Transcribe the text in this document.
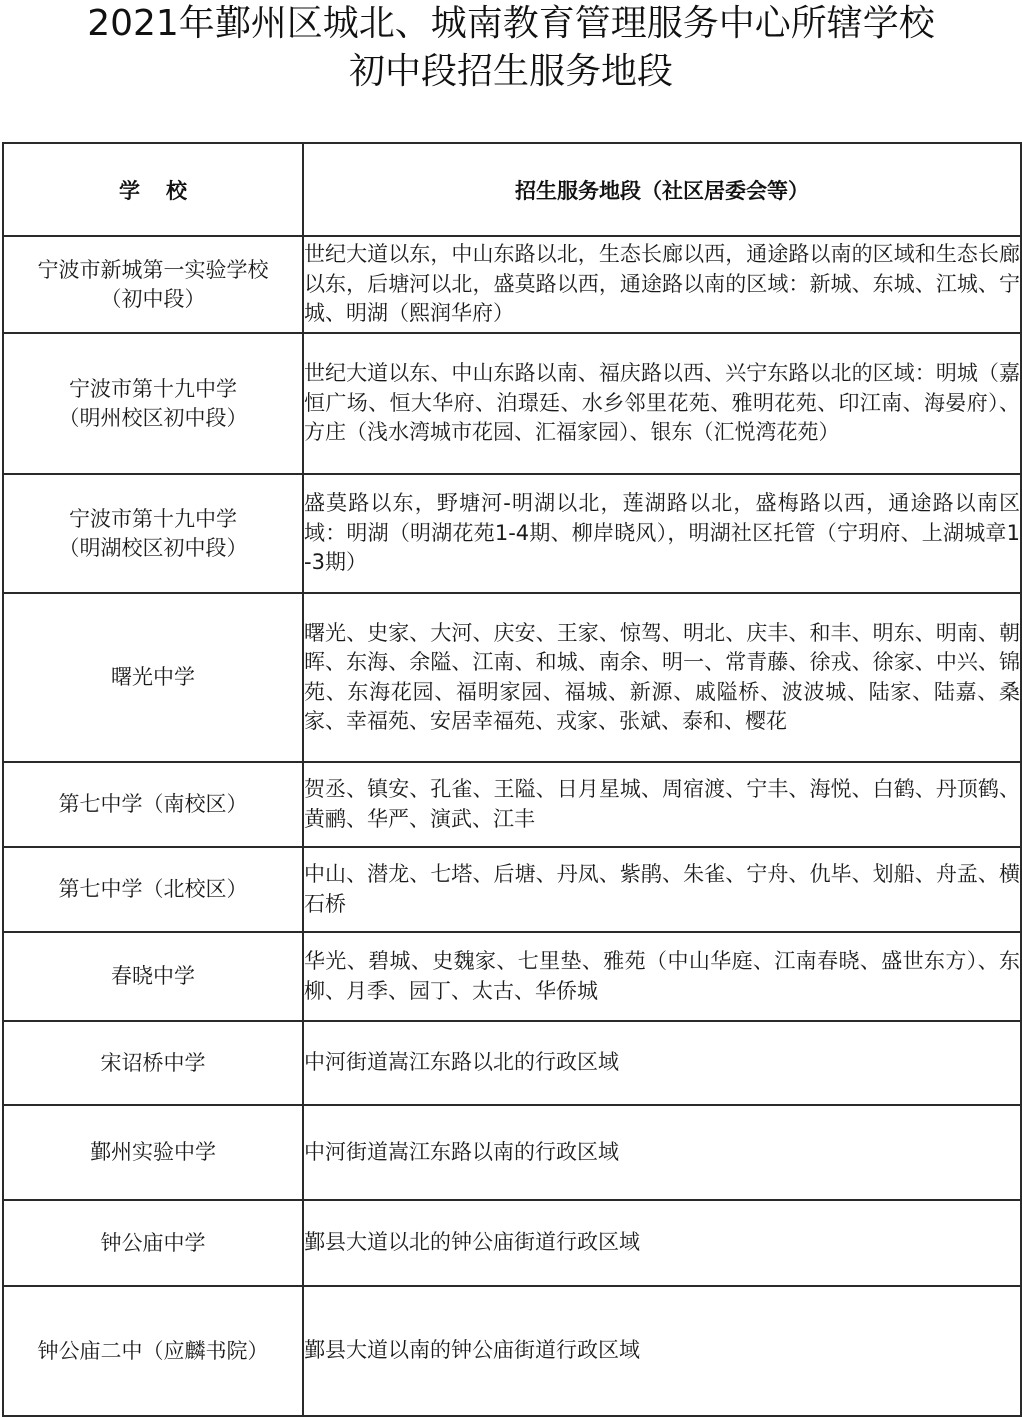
2021年鄞州区城北、城南教育管理服务中心所辖学校
初中段招生服务地段
学校	招生服务地段（社区居委会等）

宁波市新城第一实验学校
（初中段）	世纪大道以东，中山东路以北，生态长廊以西，通途路以南的区域和生态长廊以东，后塘河以北，盛莫路以西，通途路以南的区域：新城、东城、江城、宁城、明湖（熙润华府）

宁波市第十九中学
（明州校区初中段）	世纪大道以东、中山东路以南、福庆路以西、兴宁东路以北的区域：明城（嘉恒广场、恒大华府、泊璟廷、水乡邻里花苑、雅明花苑、印江南、海晏府）、方庄（浅水湾城市花园、汇福家园）、银东（汇悦湾花苑）

宁波市第十九中学
（明湖校区初中段）	盛莫路以东，野塘河-明湖以北，莲湖路以北，盛梅路以西，通途路以南区域：明湖（明湖花苑1-4期、柳岸晓风），明湖社区托管（宁玥府、上湖城章1-3期）

曙光中学	曙光、史家、大河、庆安、王家、惊驾、明北、庆丰、和丰、明东、明南、朝晖、东海、余隘、江南、和城、南余、明一、常青藤、徐戎、徐家、中兴、锦苑、东海花园、福明家园、福城、新源、戚隘桥、波波城、陆家、陆嘉、桑家、幸福苑、安居幸福苑、戎家、张斌、泰和、樱花

第七中学（南校区）	贺丞、镇安、孔雀、王隘、日月星城、周宿渡、宁丰、海悦、白鹤、丹顶鹤、黄鹂、华严、演武、江丰

第七中学（北校区）	中山、潜龙、七塔、后塘、丹凤、紫鹃、朱雀、宁舟、仇毕、划船、舟孟、横石桥

春晓中学	华光、碧城、史魏家、七里垫、雅苑（中山华庭、江南春晓、盛世东方）、东柳、月季、园丁、太古、华侨城

宋诏桥中学	中河街道嵩江东路以北的行政区域

鄞州实验中学	中河街道嵩江东路以南的行政区域

钟公庙中学	鄞县大道以北的钟公庙街道行政区域

钟公庙二中（应麟书院）	鄞县大道以南的钟公庙街道行政区域
